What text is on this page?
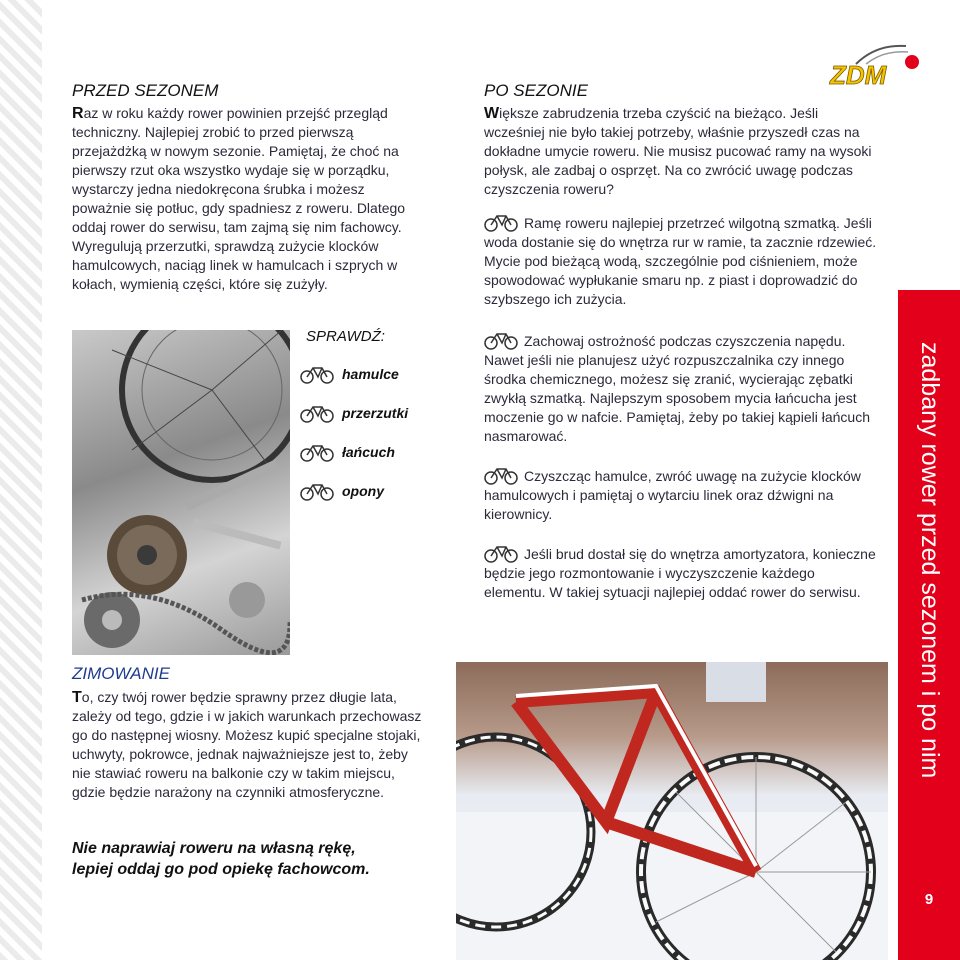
ZDM
PRZED SEZONEM

Raz w roku każdy rower powinien przejść przegląd techniczny. Najlepiej zrobić to przed pierwszą przejażdżką w nowym sezonie. Pamiętaj, że choć na pierwszy rzut oka wszystko wydaje się w porządku, wystarczy jedna niedokręcona śrubka i możesz poważnie się potłuc, gdy spadniesz z roweru. Dlatego oddaj rower do serwisu, tam zajmą się nim fachowcy. Wyregulują przerzutki, sprawdzą zużycie klocków hamulcowych, naciąg linek w hamulcach i szprych w kołach, wymienią części, które się zużyły.

SPRAWDŹ:
hamulce
przerzutki
łańcuch
opony
ZIMOWANIE

To, czy twój rower będzie sprawny przez długie lata, zależy od tego, gdzie i w jakich warunkach przechowasz go do następnej wiosny. Możesz kupić specjalne stojaki, uchwyty, pokrowce, jednak najważniejsze jest to, żeby nie stawiać roweru na balkonie czy w takim miejscu, gdzie będzie narażony na czynniki atmosferyczne.

Nie naprawiaj roweru na własną rękę,
lepiej oddaj go pod opiekę fachowcom.

PO SEZONIE

Większe zabrudzenia trzeba czyścić na bieżąco. Jeśli wcześniej nie było takiej potrzeby, właśnie przyszedł czas na dokładne umycie roweru. Nie musisz pucować ramy na wysoki połysk, ale zadbaj o osprzęt. Na co zwrócić uwagę podczas czyszczenia roweru?

Ramę roweru najlepiej przetrzeć wilgotną szmatką. Jeśli woda dostanie się do wnętrza rur w ramie, ta zacznie rdzewieć. Mycie pod bieżącą wodą, szczególnie pod ciśnieniem, może spowodować wypłukanie smaru np. z piast i doprowadzić do szybszego ich zużycia.

Zachowaj ostrożność podczas czyszczenia napędu. Nawet jeśli nie planujesz użyć rozpuszczalnika czy innego środka chemicznego, możesz się zranić, wycierając zębatki zwykłą szmatką. Najlepszym sposobem mycia łańcucha jest moczenie go w nafcie. Pamiętaj, żeby po takiej kąpieli łańcuch nasmarować.

Czyszcząc hamulce, zwróć uwagę na zużycie klocków hamulcowych i pamiętaj o wytarciu linek oraz dźwigni na kierownicy.

Jeśli brud dostał się do wnętrza amortyzatora, konieczne będzie jego rozmontowanie i wyczyszczenie każdego elementu. W takiej sytuacji najlepiej oddać rower do serwisu.	zadbany rower przed sezonem i po nim
9
